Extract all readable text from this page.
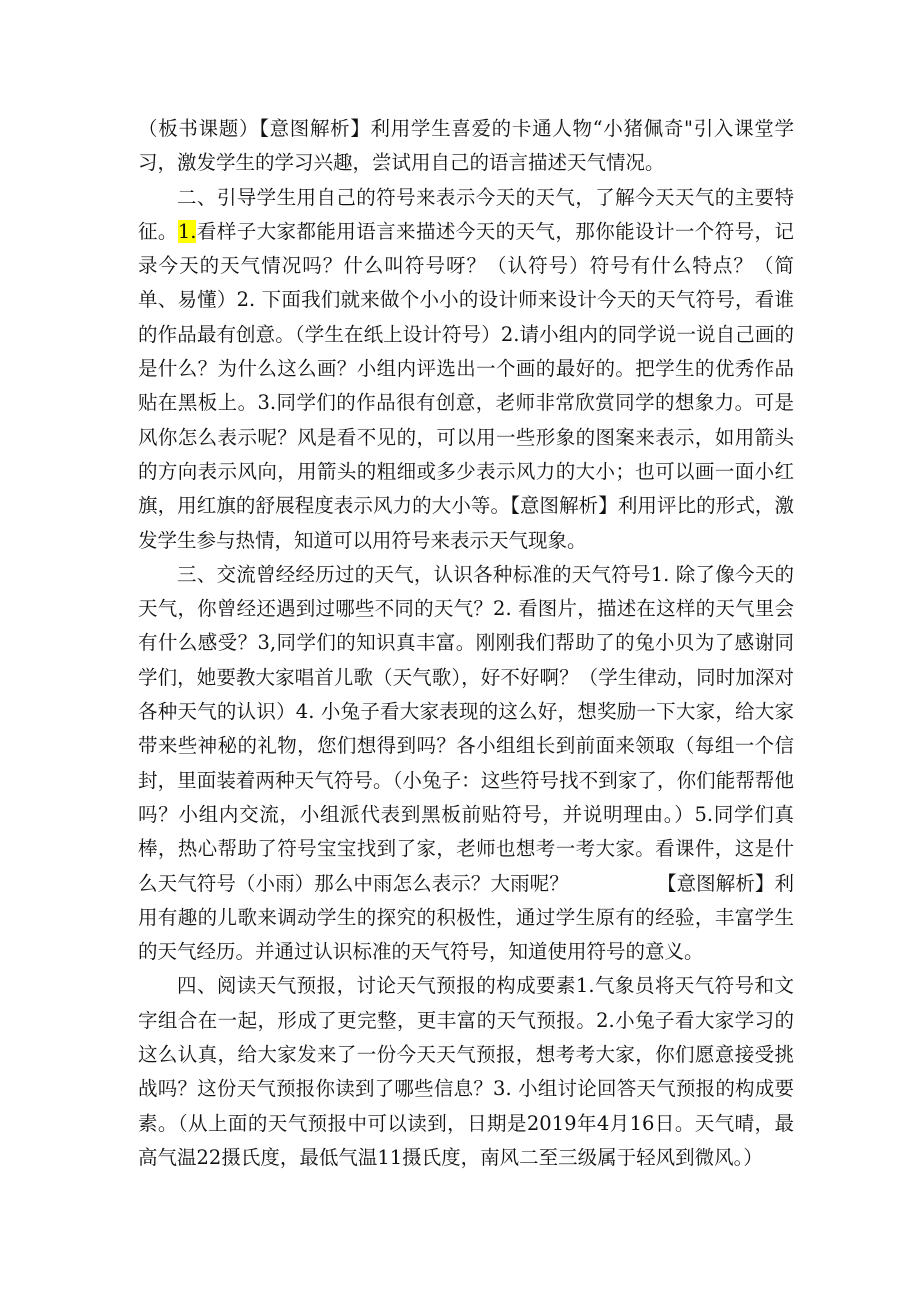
（板书课题）【意图解析】利用学生喜爱的卡通人物“小猪佩奇"引入课堂学习，激发学生的学习兴趣，尝试用自己的语言描述天气情况。

二、引导学生用自己的符号来表示今天的天气，了解今天天气的主要特征。1.看样子大家都能用语言来描述今天的天气，那你能设计一个符号，记录今天的天气情况吗？什么叫符号呀？（认符号）符号有什么特点？（简单、易懂）2. 下面我们就来做个小小的设计师来设计今天的天气符号，看谁的作品最有创意。（学生在纸上设计符号）2.请小组内的同学说一说自己画的是什么？为什么这么画？小组内评选出一个画的最好的。把学生的优秀作品贴在黑板上。3.同学们的作品很有创意，老师非常欣赏同学的想象力。可是风你怎么表示呢？风是看不见的，可以用一些形象的图案来表示，如用箭头的方向表示风向，用箭头的粗细或多少表示风力的大小；也可以画一面小红旗，用红旗的舒展程度表示风力的大小等。【意图解析】利用评比的形式，激发学生参与热情，知道可以用符号来表示天气现象。

三、交流曾经经历过的天气，认识各种标准的天气符号1. 除了像今天的天气，你曾经还遇到过哪些不同的天气？2. 看图片，描述在这样的天气里会有什么感受？3,同学们的知识真丰富。刚刚我们帮助了的兔小贝为了感谢同学们，她要教大家唱首儿歌（天气歌），好不好啊？（学生律动，同时加深对各种天气的认识）4. 小兔子看大家表现的这么好，想奖励一下大家，给大家带来些神秘的礼物，您们想得到吗？各小组组长到前面来领取（每组一个信封，里面装着两种天气符号。（小兔子：这些符号找不到家了，你们能帮帮他吗？小组内交流，小组派代表到黑板前贴符号，并说明理由。）5.同学们真棒，热心帮助了符号宝宝找到了家，老师也想考一考大家。看课件，这是什么天气符号（小雨）那么中雨怎么表示？大雨呢？　　　　　【意图解析】利用有趣的儿歌来调动学生的探究的积极性，通过学生原有的经验，丰富学生的天气经历。并通过认识标准的天气符号，知道使用符号的意义。

四、阅读天气预报，讨论天气预报的构成要素1.气象员将天气符号和文字组合在一起，形成了更完整，更丰富的天气预报。2.小兔子看大家学习的这么认真，给大家发来了一份今天天气预报，想考考大家，你们愿意接受挑战吗？这份天气预报你读到了哪些信息？3. 小组讨论回答天气预报的构成要素。（从上面的天气预报中可以读到，日期是2019年4月16日。天气晴，最高气温22摄氏度，最低气温11摄氏度，南风二至三级属于轻风到微风。）
